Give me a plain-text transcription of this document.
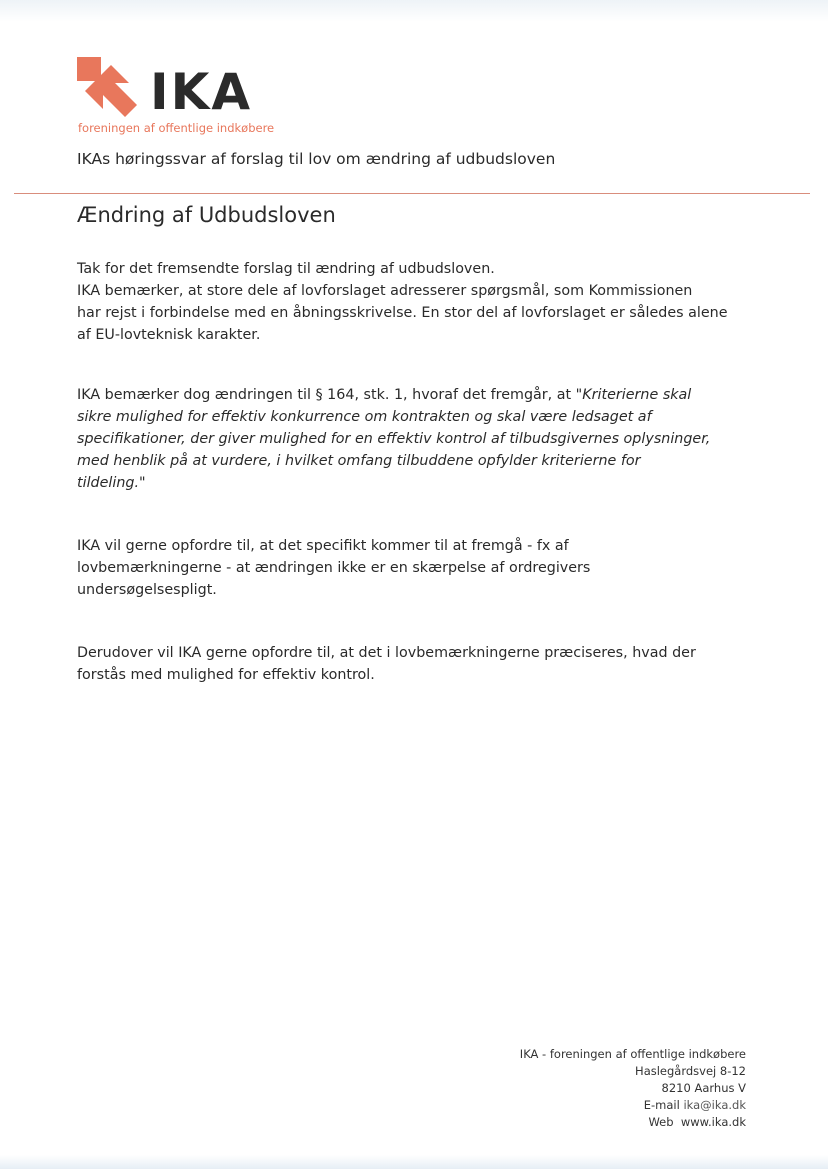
IKA
foreningen af offentlige indkøbere
IKAs høringssvar af forslag til lov om ændring af udbudsloven
Ændring af Udbudsloven

Tak for det fremsendte forslag til ændring af udbudsloven.
IKA bemærker, at store dele af lovforslaget adresserer spørgsmål, som Kommissionen
har rejst i forbindelse med en åbningsskrivelse. En stor del af lovforslaget er således alene
af EU-lovteknisk karakter.

IKA bemærker dog ændringen til § 164, stk. 1, hvoraf det fremgår, at "Kriterierne skal
sikre mulighed for effektiv konkurrence om kontrakten og skal være ledsaget af
specifikationer, der giver mulighed for en effektiv kontrol af tilbudsgivernes oplysninger,
med henblik på at vurdere, i hvilket omfang tilbuddene opfylder kriterierne for
tildeling."

IKA vil gerne opfordre til, at det specifikt kommer til at fremgå - fx af
lovbemærkningerne - at ændringen ikke er en skærpelse af ordregivers
undersøgelsespligt.

Derudover vil IKA gerne opfordre til, at det i lovbemærkningerne præciseres, hvad der
forstås med mulighed for effektiv kontrol.

IKA - foreningen af offentlige indkøbere
Haslegårdsvej 8-12
8210 Aarhus V
E-mail ika@ika.dk
Web www.ika.dk
